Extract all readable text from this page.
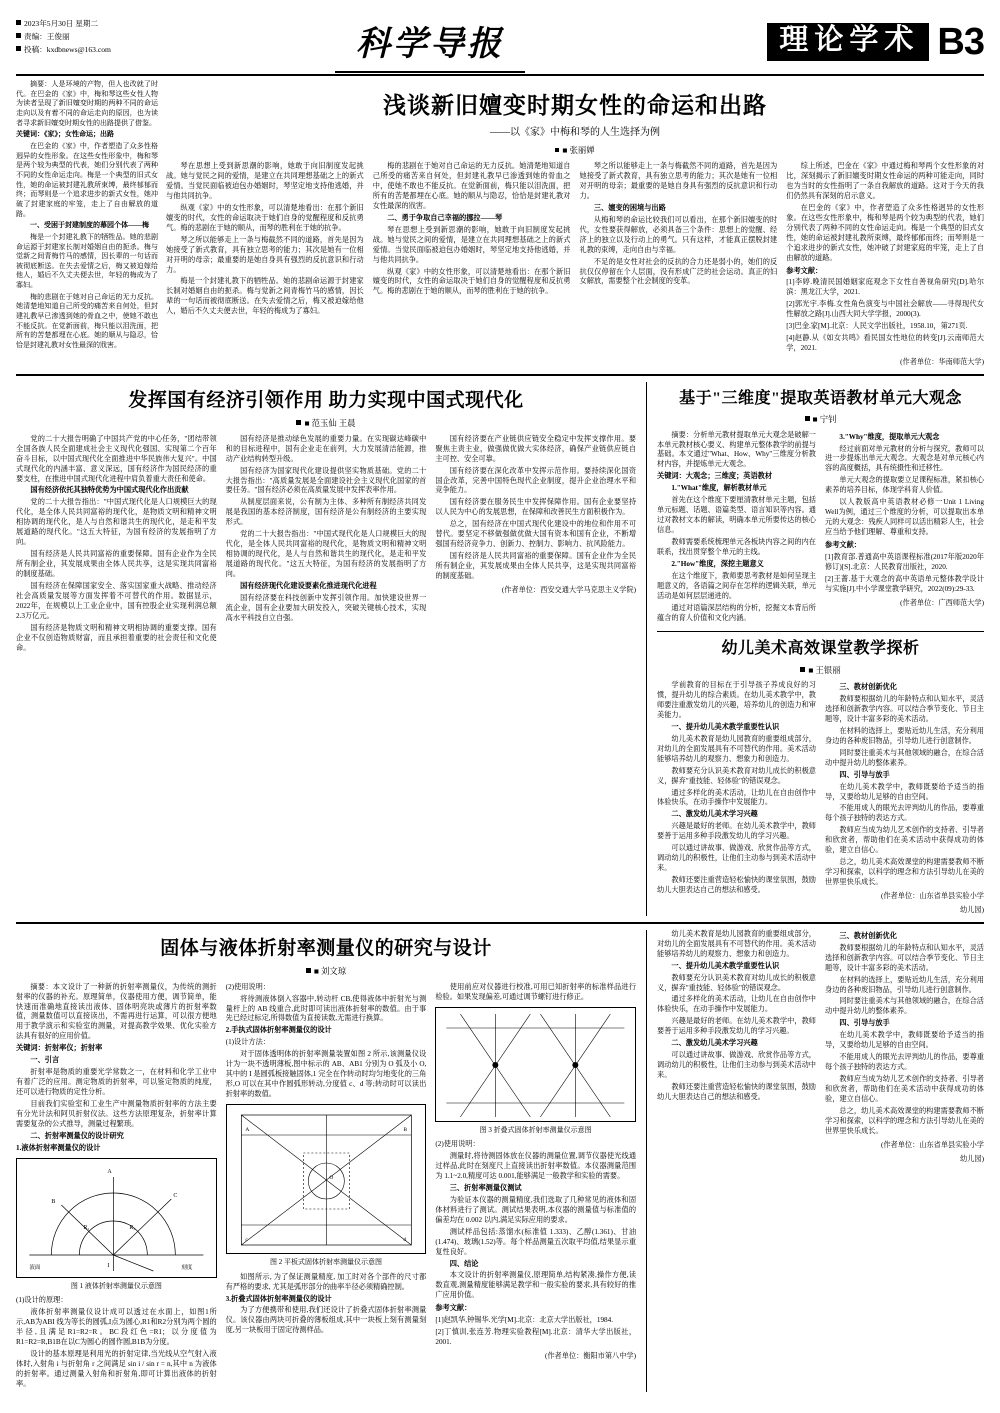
2023年5月30日 星期二
责编：王俊丽
投稿：kxdbnews@163.com	科学导报	理论学术 B3

摘要：人是环境的产物，但人也改就了时代。在巴金的《家》中，梅和琴这些女性人物为读者呈现了新旧嬗变时期的两种不同的命运走向以及有着不同的命运走向的原因，也为读者寻求新旧嬗变时期女性的出路提供了借鉴。

关键词：《家》；女性命运；出路

在巴金的《家》中，作者塑造了众多性格迥异的女性形象。在这些女性形象中，梅和琴是两个较为典型的代表，她们分别代表了两种不同的女性命运走向。梅是一个典型的旧式女性，她的命运被封建礼教所束缚，最终郁郁而终；而琴则是一个追求进步的新式女性，她冲破了封建家庭的牢笼，走上了自由解放的道路。

一、受困于封建制度的幕园个体——梅

梅是一个封建礼教下的牺牲品。她的悲剧命运源于封建家长制对婚姻自由的扼杀。梅与觉新之间青梅竹马的感情，因长辈的一句话而被彻底断送。在失去爱情之后，梅又被迫嫁给他人，婚后不久丈夫便去世，年轻的梅成为了寡妇。

梅的悲剧在于她对自己命运的无力反抗。她清楚地知道自己所受的痛苦来自何处，但封建礼教早已渗透到她的骨血之中，使她不敢也不能反抗。在觉新面前，梅只能以泪洗面，把所有的苦楚都埋在心底。她的顺从与隐忍，恰恰是封建礼教对女性最深的戕害。

浅谈新旧嬗变时期女性的命运和出路
——以《家》中梅和琴的人生选择为例
■ 张丽婵

琴在思想上受到新思潮的影响，她敢于向旧制度发起挑战。她与觉民之间的爱情，是建立在共同理想基础之上的新式爱情。当觉民面临被迫包办婚姻时，琴坚定地支持他逃婚，并与他共同抗争。

纵观《家》中的女性形象，可以清楚地看出：在那个新旧嬗变的时代，女性的命运取决于她们自身的觉醒程度和反抗勇气。梅的悲剧在于她的顺从，而琴的胜利在于她的抗争。

琴之所以能够走上一条与梅截然不同的道路，首先是因为她接受了新式教育，具有独立思考的能力；其次是她有一位相对开明的母亲；最重要的是她自身具有强烈的反抗意识和行动力。

梅是一个封建礼教下的牺牲品。她的悲剧命运源于封建家长制对婚姻自由的扼杀。梅与觉新之间青梅竹马的感情，因长辈的一句话而被彻底断送。在失去爱情之后，梅又被迫嫁给他人，婚后不久丈夫便去世，年轻的梅成为了寡妇。

梅的悲剧在于她对自己命运的无力反抗。她清楚地知道自己所受的痛苦来自何处，但封建礼教早已渗透到她的骨血之中，使她不敢也不能反抗。在觉新面前，梅只能以泪洗面，把所有的苦楚都埋在心底。她的顺从与隐忍，恰恰是封建礼教对女性最深的戕害。

二、勇于争取自己幸福的挪拉——琴

琴在思想上受到新思潮的影响，她敢于向旧制度发起挑战。她与觉民之间的爱情，是建立在共同理想基础之上的新式爱情。当觉民面临被迫包办婚姻时，琴坚定地支持他逃婚，并与他共同抗争。

纵观《家》中的女性形象，可以清楚地看出：在那个新旧嬗变的时代，女性的命运取决于她们自身的觉醒程度和反抗勇气。梅的悲剧在于她的顺从，而琴的胜利在于她的抗争。

琴之所以能够走上一条与梅截然不同的道路，首先是因为她接受了新式教育，具有独立思考的能力；其次是她有一位相对开明的母亲；最重要的是她自身具有强烈的反抗意识和行动力。

三、嬗变的困境与出路

从梅和琴的命运比较我们可以看出，在那个新旧嬗变的时代，女性要获得解放，必须具备三个条件：思想上的觉醒、经济上的独立以及行动上的勇气。只有这样，才能真正摆脱封建礼教的束缚，走向自由与幸福。

不足的是女性对社会的反抗的合力还是弱小的，她们的反抗仅仅停留在个人层面，没有形成广泛的社会运动。真正的妇女解放，需要整个社会制度的变革。

综上所述，巴金在《家》中通过梅和琴两个女性形象的对比，深刻揭示了新旧嬗变时期女性命运的两种可能走向，同时也为当时的女性指明了一条自我解放的道路。这对于今天的我们仍然具有深刻的启示意义。

在巴金的《家》中，作者塑造了众多性格迥异的女性形象。在这些女性形象中，梅和琴是两个较为典型的代表，她们分别代表了两种不同的女性命运走向。梅是一个典型的旧式女性，她的命运被封建礼教所束缚，最终郁郁而终；而琴则是一个追求进步的新式女性，她冲破了封建家庭的牢笼，走上了自由解放的道路。

参考文献：

[1]李婷.晚清民国婚姻家庭观念下女性自善视角研究[D].哈尔滨：黑龙江大学，2021.

[2]郭光宇.李梅.女性角色演变与中国社会解放——寻得现代女性解放之路[J].山西大同大学学报，2000(3).

[3]巴金.家[M].北京：人民文学出版社，1958.10，第271页.

[4]赵静.从《如女共鸣》看民国女性地位的转变[J].云南师范大学，2021.

(作者单位：华南师范大学)
发挥国有经济引领作用 助力实现中国式现代化
■ 范玉仙 王晨

党的二十大报告明确了中国共产党的中心任务，"团结带领全国各族人民全面建成社会主义现代化强国、实现第二个百年奋斗目标，以中国式现代化全面推进中华民族伟大复兴"。中国式现代化的内涵丰富、意义深远，国有经济作为国民经济的重要支柱，在推进中国式现代化进程中肩负着重大责任和使命。

国有经济依托其独特优势为中国式现代化作出贡献

党的二十大报告指出："中国式现代化是人口规模巨大的现代化，是全体人民共同富裕的现代化，是物质文明和精神文明相协调的现代化，是人与自然和谐共生的现代化，是走和平发展道路的现代化。"这五大特征，为国有经济的发展指明了方向。

国有经济是人民共同富裕的重要保障。国有企业作为全民所有制企业，其发展成果由全体人民共享，这是实现共同富裕的制度基础。

国有经济在保障国家安全、落实国家重大战略、推动经济社会高质量发展等方面发挥着不可替代的作用。数据显示，2022年，在规模以上工业企业中，国有控股企业实现利润总额2.3万亿元。

国有经济是物质文明和精神文明相协调的重要支撑。国有企业不仅创造物质财富，而且承担着重要的社会责任和文化使命。

国有经济是推动绿色发展的重要力量。在实现碳达峰碳中和的目标进程中，国有企业走在前列，大力发展清洁能源，推动产业结构转型升级。

国有经济为国家现代化建设提供坚实物质基础。党的二十大报告指出："高质量发展是全面建设社会主义现代化国家的首要任务。"国有经济必须在高质量发展中发挥表率作用。

从制度层面来说，公有制为主体、多种所有制经济共同发展是我国的基本经济制度，国有经济是公有制经济的主要实现形式。

党的二十大报告指出："中国式现代化是人口规模巨大的现代化，是全体人民共同富裕的现代化，是物质文明和精神文明相协调的现代化，是人与自然和谐共生的现代化，是走和平发展道路的现代化。"这五大特征，为国有经济的发展指明了方向。

国有经济现代化建设要素化推进现代化进程

国有经济要在科技创新中发挥引领作用。加快建设世界一流企业，国有企业要加大研发投入，突破关键核心技术，实现高水平科技自立自强。

国有经济要在产业链供应链安全稳定中发挥支撑作用。要聚焦主责主业，做强做优做大实体经济，确保产业链供应链自主可控、安全可靠。

国有经济要在深化改革中发挥示范作用。要持续深化国资国企改革，完善中国特色现代企业制度，提升企业治理水平和竞争能力。

国有经济要在服务民生中发挥保障作用。国有企业要坚持以人民为中心的发展思想，在保障和改善民生方面积极作为。

总之，国有经济在中国式现代化建设中的地位和作用不可替代。要坚定不移做强做优做大国有资本和国有企业，不断增强国有经济竞争力、创新力、控制力、影响力、抗风险能力。

国有经济是人民共同富裕的重要保障。国有企业作为全民所有制企业，其发展成果由全体人民共享，这是实现共同富裕的制度基础。

(作者单位：西安交通大学马克思主义学院)
基于"三维度"提取英语教材单元大观念
■ 宁钊

摘要：分析单元教材提取单元大观念是破解一本单元教材核心要义、构建单元整体教学的前提与基础。本文通过"What、How、Why"三维度分析教材内容，并提炼单元大观念。

关键词：大观念；三维度；英语教材

1."What"维度，解析教材单元

首先在这个维度下要厘清教材单元主题，包括单元标题、话题、语篇类型、语言知识等内容。通过对教材文本的解读，明确本单元所要传达的核心信息。

教师需要系统梳理单元各板块内容之间的内在联系，找出贯穿整个单元的主线。

2."How"维度，深挖主题意义

在这个维度下，教师要思考教材是如何呈现主题意义的，各语篇之间存在怎样的逻辑关联，单元活动是如何层层递进的。

通过对语篇深层结构的分析，挖掘文本背后所蕴含的育人价值和文化内涵。

3."Why"维度，提取单元大观念

经过前面对单元教材的分析与探究，教师可以进一步提炼出单元大观念。大观念是对单元核心内容的高度概括，具有统摄性和迁移性。

单元大观念的提取要立足课程标准，紧扣核心素养的培养目标，体现学科育人价值。

以人教版高中英语教材必修一Unit 1 Living Well为例，通过三个维度的分析，可以提取出本单元的大观念：残疾人同样可以活出精彩人生，社会应当给予他们理解、尊重和支持。

参考文献：

[1]教育部.普通高中英语课程标准(2017年版2020年修订)[S].北京：人民教育出版社，2020.

[2]王蔷.基于大观念的高中英语单元整体教学设计与实施[J].中小学课堂教学研究，2022(09):29-33.

(作者单位：广西师范大学)
幼儿美术高效课堂教学探析
■ 王银丽

学前教育的目标在于引导孩子养成良好的习惯，提升幼儿的综合素质。在幼儿美术教学中，教师要注重激发幼儿的兴趣，培养幼儿的创造力和审美能力。

一、提升幼儿美术教学重要性认识

幼儿美术教育是幼儿园教育的重要组成部分，对幼儿的全面发展具有不可替代的作用。美术活动能够培养幼儿的观察力、想象力和创造力。

教师要充分认识美术教育对幼儿成长的积极意义，摒弃"重技能、轻体验"的错误观念。

通过多样化的美术活动，让幼儿在自由创作中体验快乐，在动手操作中发展能力。

二、激发幼儿美术学习兴趣

兴趣是最好的老师。在幼儿美术教学中，教师要善于运用多种手段激发幼儿的学习兴趣。

可以通过讲故事、做游戏、欣赏作品等方式，调动幼儿的积极性，让他们主动参与到美术活动中来。

教师还要注重营造轻松愉快的课堂氛围，鼓励幼儿大胆表达自己的想法和感受。

三、教材创新优化

教师要根据幼儿的年龄特点和认知水平，灵活选择和创新教学内容。可以结合季节变化、节日主题等，设计丰富多彩的美术活动。

在材料的选择上，要贴近幼儿生活，充分利用身边的各种废旧物品，引导幼儿进行创意制作。

同时要注重美术与其他领域的融合，在综合活动中提升幼儿的整体素养。

四、引导与放手

在幼儿美术教学中，教师既要给予适当的指导，又要给幼儿足够的自由空间。

不能用成人的眼光去评判幼儿的作品，要尊重每个孩子独特的表达方式。

教师应当成为幼儿艺术创作的支持者、引导者和欣赏者，帮助他们在美术活动中获得成功的体验，建立自信心。

总之，幼儿美术高效课堂的构建需要教师不断学习和探索，以科学的理念和方法引导幼儿在美的世界里快乐成长。

(作者单位：山东省单县实验小学
幼儿园)
固体与液体折射率测量仪的研究与设计
■ 刘文琼

摘要：本文设计了一种新的折射率测量仪，为传统的测折射率的仪器的补充。原理简单，仪器使用方便，调节简单，能快速而准确地直接读出液体、固体明亮块或薄片的折射率数值，测量数值可以直接读出，不需再进行运算，可以很方便地用于教学演示和实验室的测量，对提高教学效果、优化实验方法具有很好的应用价值。

关键词：折射率仪；折射率

一、引言

折射率是物质的重要光学常数之一，在材料和化学工业中有着广泛的应用。测定物质的折射率，可以鉴定物质的纯度，还可以进行物质的定性分析。

目前我们实验室和工业生产中测量物质折射率的方法主要有分光计法和阿贝折射仪法。这些方法原理复杂，折射率计算需要复杂的公式推导，测量过程繁琐。

二、折射率测量仪的设计研究

1.液体折射率测量仪的设计

A
B
C
R₁	R₂
I
液面	刻度
图 1 液体折射率测量仪示意图

(1)设计的原理：

液体折射率测量仪设计成可以透过在水面上，如图1所示,AB为ABI 线为等长的圆弧,I点为圆心,R1和R2分别为两个圆的半径,且满足R1=R2=R。BC段红色=R1；以分度值为R1=R2=R,B1B在以C为圆心的圆作圆,B1B为分度。

设计的基本原理是利用光的折射定律,当光线从空气射入液体时,入射角 i 与折射角 r 之间满足 sin i / sin r = n,其中 n 为液体的折射率。通过测量入射角和折射角,即可计算出液体的折射率。

(2)使用说明：

将待测液体倒入容器中,转动杆 CB,使得液体中折射光与测量杆上的 AB 线重合,此时即可读出液体折射率的数值。由于事先已经过标定,所得数值为直接读数,无需进行换算。

2.手执式固体折射率测量仪的设计

(1)设计方法：

对于固体透明体的折射率测量装置如图 2 所示,该测量仪设计为一块不透明薄板,图中标示的 AB、AB1 分别为 O 弧及小 O,其中的 I 是圆弧板接触固体,1 完全在作转动时均匀地变化的三角形,O 可以在其中作圆弧形转动,分度值 c、d 等;转动时可以读出折射率的数值。

A	B
c	d
O
图 2 平板式固体折射率测量仪示意图

如图所示, 为了保证测量精度, 加工时对各个部件的尺寸都有严格的要求, 尤其是弧形部分的曲率半径必须精确控制。

3.折叠式固体折射率测量仪的设计

为了方便携带和使用,我们还设计了折叠式固体折射率测量仪。该仪器由两块可折叠的薄板组成,其中一块板上刻有测量刻度,另一块板用于固定待测样品。

使用前应对仪器进行校准,可用已知折射率的标准样品进行检验。如果发现偏差,可通过调节螺钉进行修正。

图 3 折叠式固体折射率测量仪示意图

(2)使用说明：

测量时,将待测固体放在仪器的测量位置,调节仪器使光线通过样品,此时在刻度尺上直接读出折射率数值。本仪器测量范围为 1.1~2.0,精度可达 0.001,能够满足一般教学和实验的需要。

三、折射率测量仪测试

为验证本仪器的测量精度,我们选取了几种常见的液体和固体材料进行了测试。测试结果表明,本仪器的测量值与标准值的偏差均在 0.002 以内,满足实际应用的要求。

测试样品包括:蒸馏水(标准值 1.333)、乙醇(1.361)、甘油(1.474)、玻璃(1.52)等。每个样品测量五次取平均值,结果显示重复性良好。

四、结论

本文设计的折射率测量仪,原理简单,结构紧凑,操作方便,读数直观,测量精度能够满足教学和一般实验的要求,具有较好的推广应用价值。

参考文献：

[1]赵凯华,钟锡华.光学[M].北京：北京大学出版社，1984.

[2]丁慎训,张连芳.物理实验教程[M].北京：清华大学出版社，2001.

(作者单位：衡阳市第八中学)

幼儿美术教育是幼儿园教育的重要组成部分，对幼儿的全面发展具有不可替代的作用。美术活动能够培养幼儿的观察力、想象力和创造力。

一、提升幼儿美术教学重要性认识

教师要充分认识美术教育对幼儿成长的积极意义，摒弃"重技能、轻体验"的错误观念。

通过多样化的美术活动，让幼儿在自由创作中体验快乐，在动手操作中发展能力。

兴趣是最好的老师。在幼儿美术教学中，教师要善于运用多种手段激发幼儿的学习兴趣。

二、激发幼儿美术学习兴趣

可以通过讲故事、做游戏、欣赏作品等方式，调动幼儿的积极性，让他们主动参与到美术活动中来。

教师还要注重营造轻松愉快的课堂氛围，鼓励幼儿大胆表达自己的想法和感受。

三、教材创新优化

教师要根据幼儿的年龄特点和认知水平，灵活选择和创新教学内容。可以结合季节变化、节日主题等，设计丰富多彩的美术活动。

在材料的选择上，要贴近幼儿生活，充分利用身边的各种废旧物品，引导幼儿进行创意制作。

同时要注重美术与其他领域的融合，在综合活动中提升幼儿的整体素养。

四、引导与放手

在幼儿美术教学中，教师既要给予适当的指导，又要给幼儿足够的自由空间。

不能用成人的眼光去评判幼儿的作品，要尊重每个孩子独特的表达方式。

教师应当成为幼儿艺术创作的支持者、引导者和欣赏者，帮助他们在美术活动中获得成功的体验，建立自信心。

总之，幼儿美术高效课堂的构建需要教师不断学习和探索，以科学的理念和方法引导幼儿在美的世界里快乐成长。

(作者单位：山东省单县实验小学
幼儿园)
